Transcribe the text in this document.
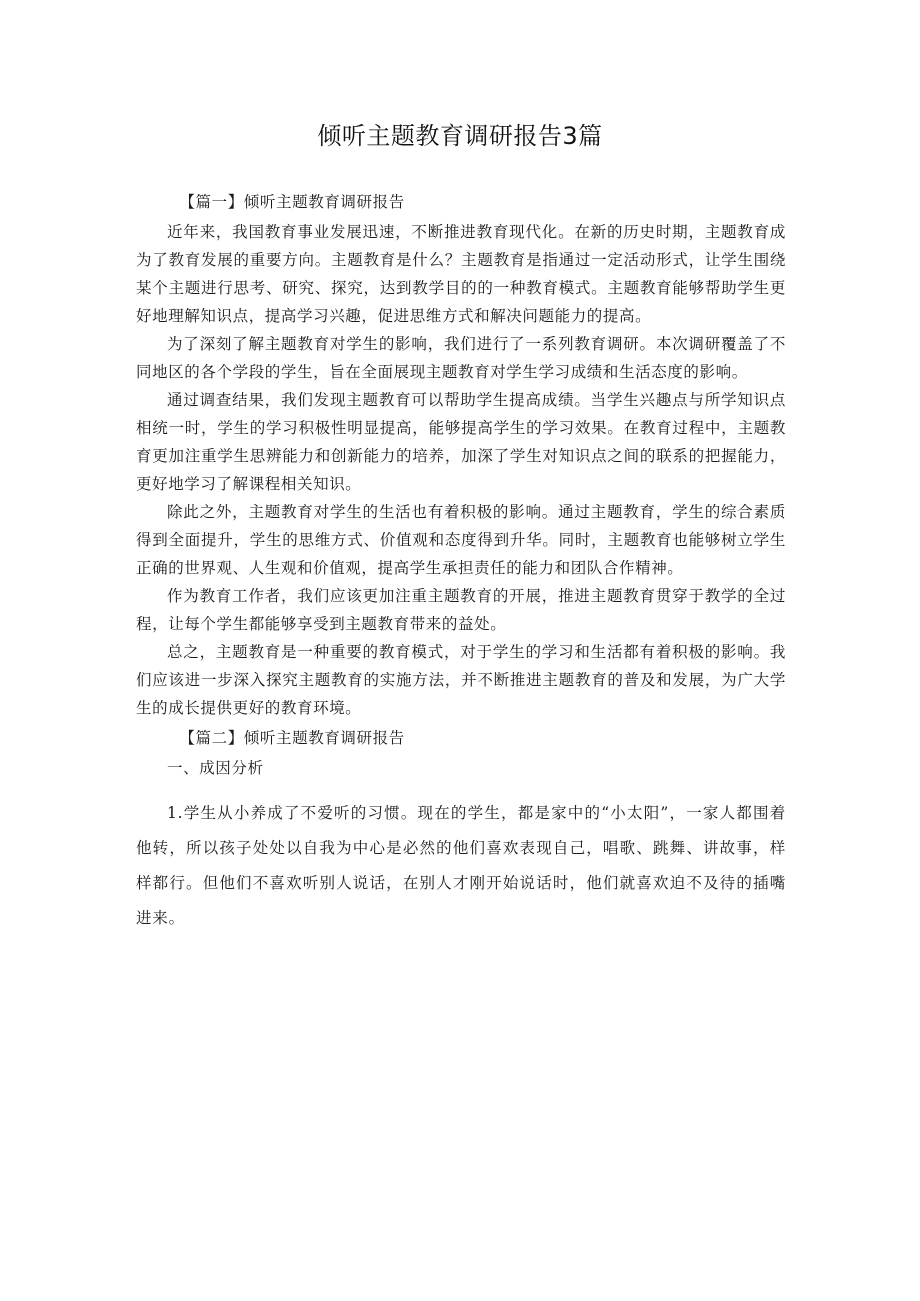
倾听主题教育调研报告3篇

【篇一】倾听主题教育调研报告

近年来，我国教育事业发展迅速，不断推进教育现代化。在新的历史时期，主题教育成为了教育发展的重要方向。主题教育是什么？主题教育是指通过一定活动形式，让学生围绕某个主题进行思考、研究、探究，达到教学目的的一种教育模式。主题教育能够帮助学生更好地理解知识点，提高学习兴趣，促进思维方式和解决问题能力的提高。

为了深刻了解主题教育对学生的影响，我们进行了一系列教育调研。本次调研覆盖了不同地区的各个学段的学生，旨在全面展现主题教育对学生学习成绩和生活态度的影响。

通过调查结果，我们发现主题教育可以帮助学生提高成绩。当学生兴趣点与所学知识点相统一时，学生的学习积极性明显提高，能够提高学生的学习效果。在教育过程中，主题教育更加注重学生思辨能力和创新能力的培养，加深了学生对知识点之间的联系的把握能力，更好地学习了解课程相关知识。

除此之外，主题教育对学生的生活也有着积极的影响。通过主题教育，学生的综合素质得到全面提升，学生的思维方式、价值观和态度得到升华。同时，主题教育也能够树立学生正确的世界观、人生观和价值观，提高学生承担责任的能力和团队合作精神。

作为教育工作者，我们应该更加注重主题教育的开展，推进主题教育贯穿于教学的全过程，让每个学生都能够享受到主题教育带来的益处。

总之，主题教育是一种重要的教育模式，对于学生的学习和生活都有着积极的影响。我们应该进一步深入探究主题教育的实施方法，并不断推进主题教育的普及和发展，为广大学生的成长提供更好的教育环境。

【篇二】倾听主题教育调研报告

一、成因分析

1.学生从小养成了不爱听的习惯。现在的学生，都是家中的“小太阳”，一家人都围着他转，所以孩子处处以自我为中心是必然的他们喜欢表现自己，唱歌、跳舞、讲故事，样样都行。但他们不喜欢听别人说话，在别人才刚开始说话时，他们就喜欢迫不及待的插嘴进来。
